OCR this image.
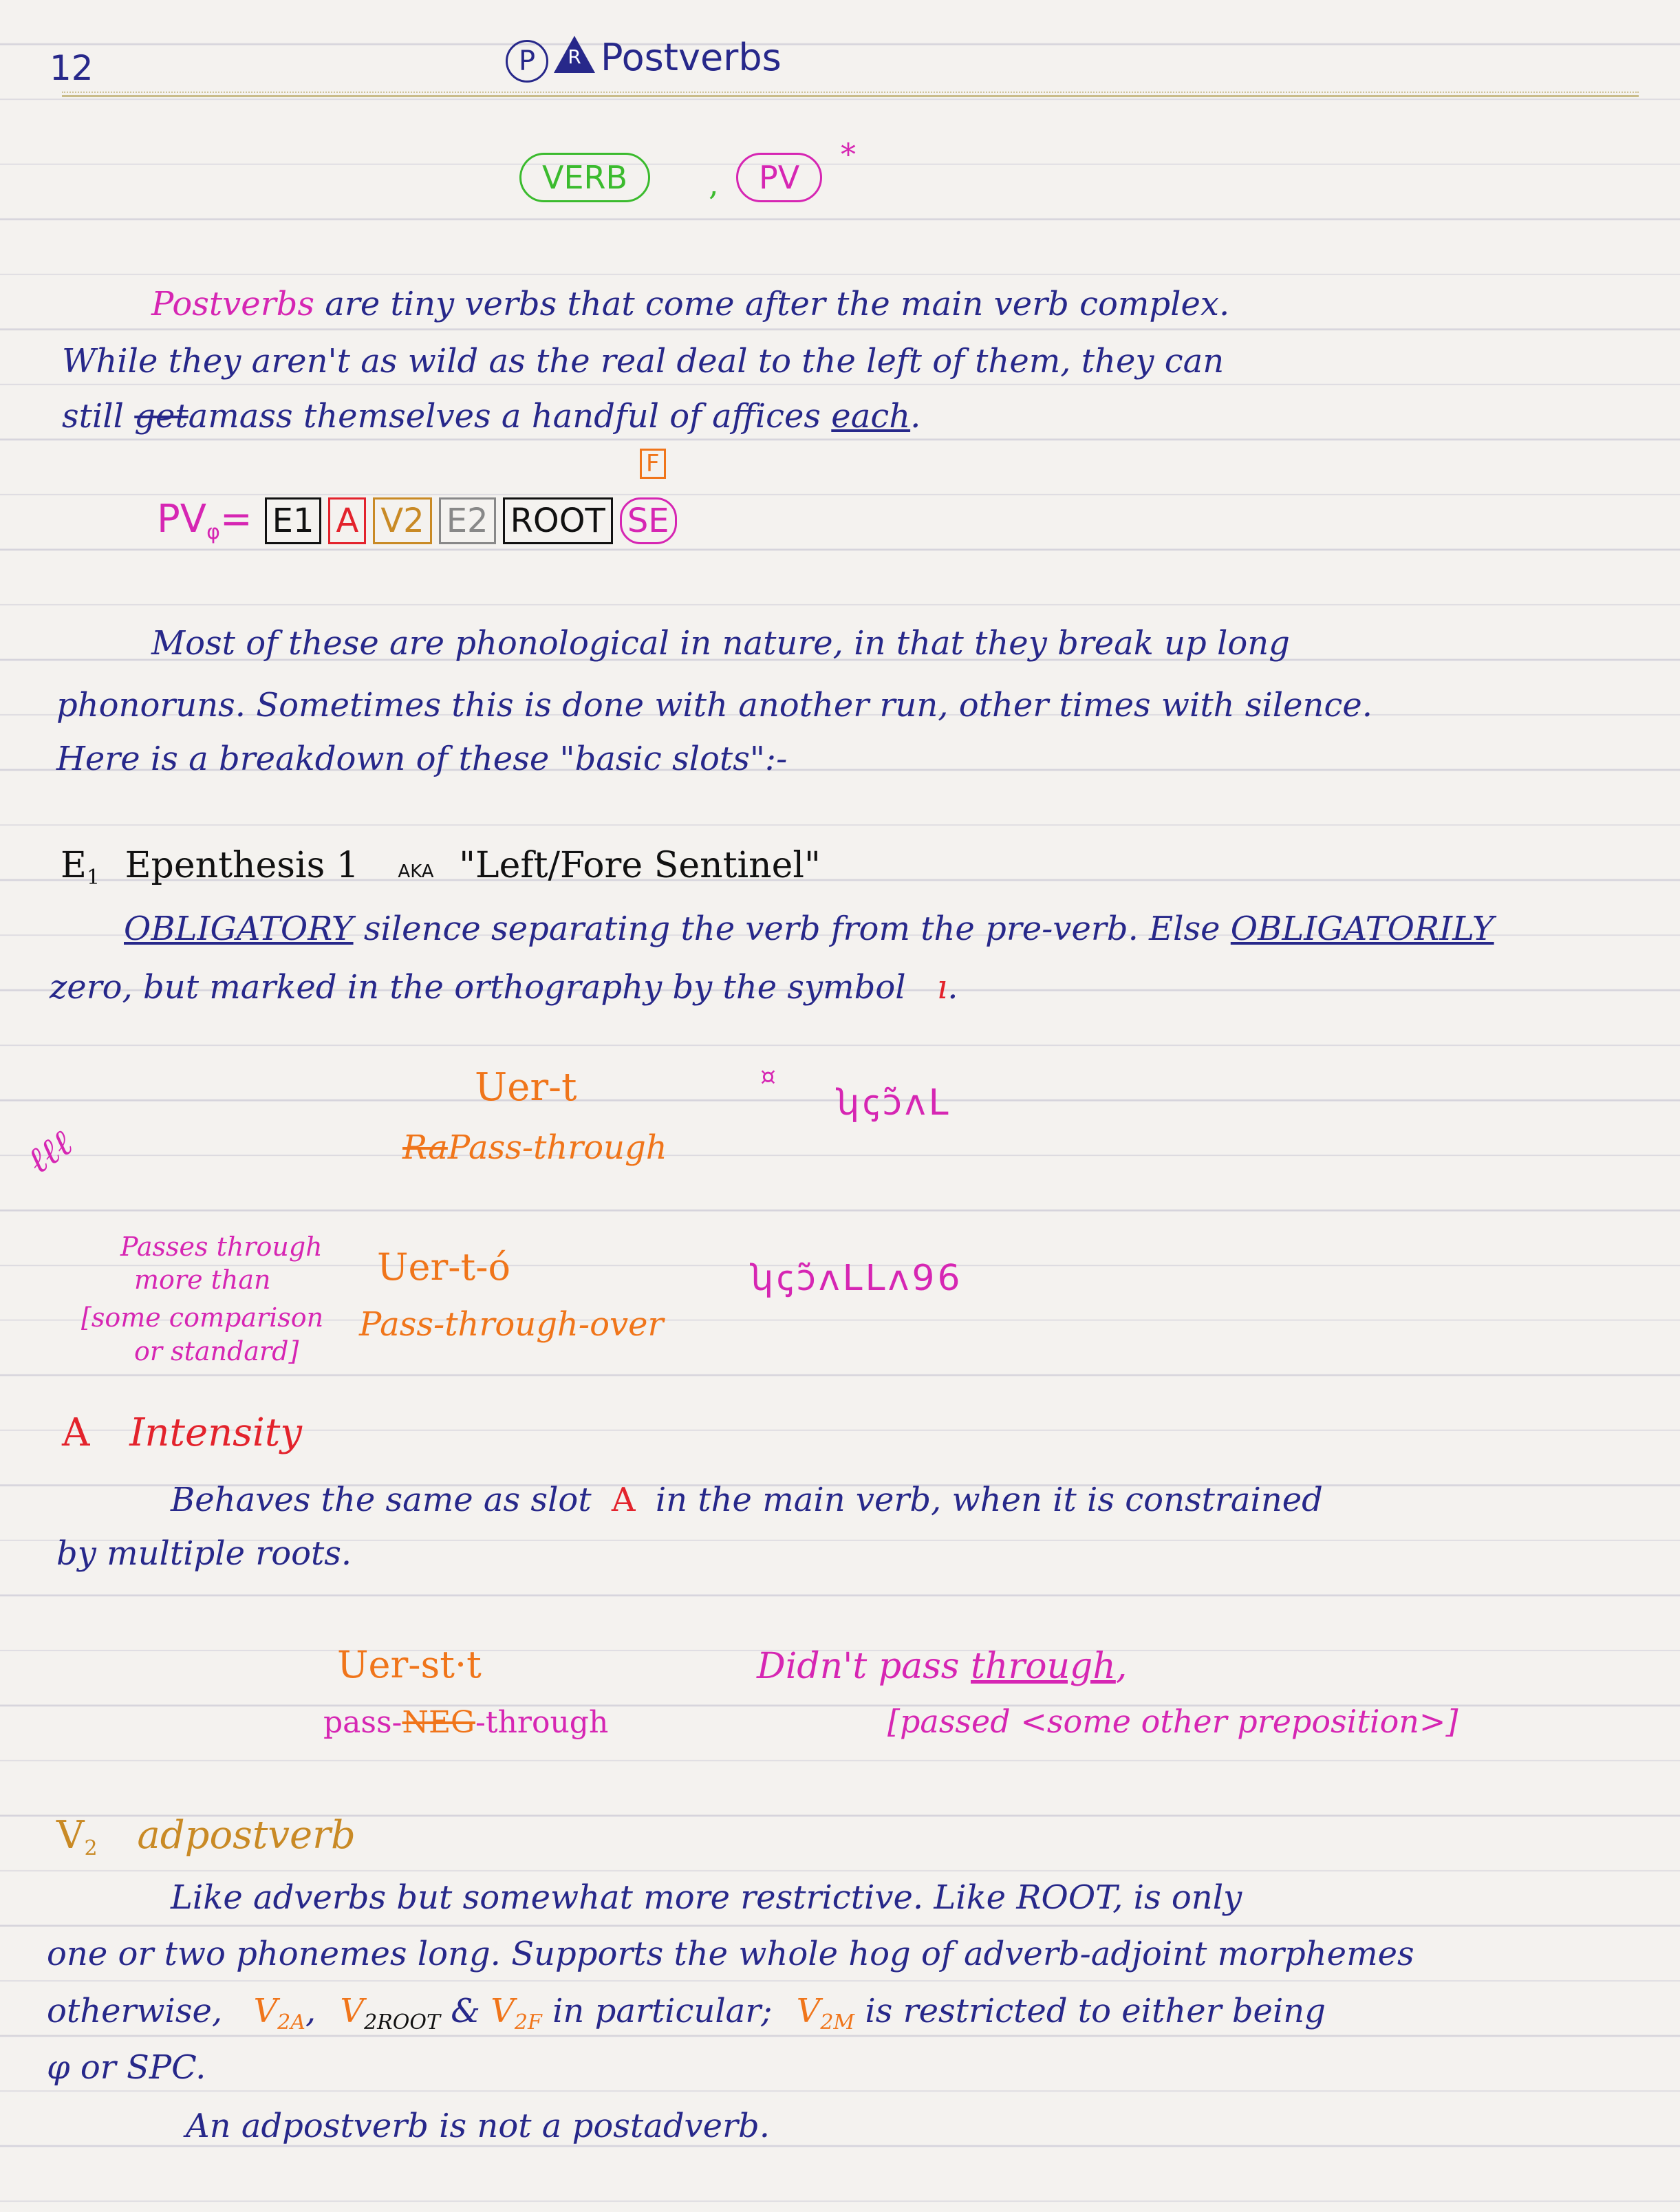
12	P R Postverbs
VERB	,	PV
*
Postverbs are tiny verbs that come after the main verb complex.
While they aren't as wild as the real deal to the left of them, they can
still getamass themselves a handful of affices each.
F
$PV_\varphi= E1$ A V2 E2 ROOT SE
Most of these are phonological in nature, in that they break up long
phonoruns. Sometimes this is done with another run, other times with silence.
Here is a breakdown of these "basic slots":-
$E_1$ Epenthesis 1 AKA "Left/Fore Sentinel"
OBLIGATORY silence separating the verb from the pre-verb. Else OBLIGATORILY
zero, but marked in the orthography by the symbol ı.
Uer-t
RaPass-through
¤
ʮꞔɔ̃ʌᒪ
ℓℓℓ
Passes through
more than
[some comparison
or standard]
Uer-t-ó
Pass-through-over
ʮꞔɔ̃ʌᒪᒪʌ96
A Intensity
Behaves the same as slot A in the main verb, when it is constrained
by multiple roots.
Uer-st·t
pass-NEG-through
Didn't pass through,
[passed <some other preposition>]
$V_2$ adpostverb
Like adverbs but somewhat more restrictive. Like ROOT, is only
one or two phonemes long. Supports the whole hog of adverb-adjoint morphemes
otherwise, $V_{2A}$, $V_{2ROOT}$ & $V_{2F}$ in particular; $V_{2M}$ is restricted to either being
φ or SPC.
An adpostverb is not a postadverb.
